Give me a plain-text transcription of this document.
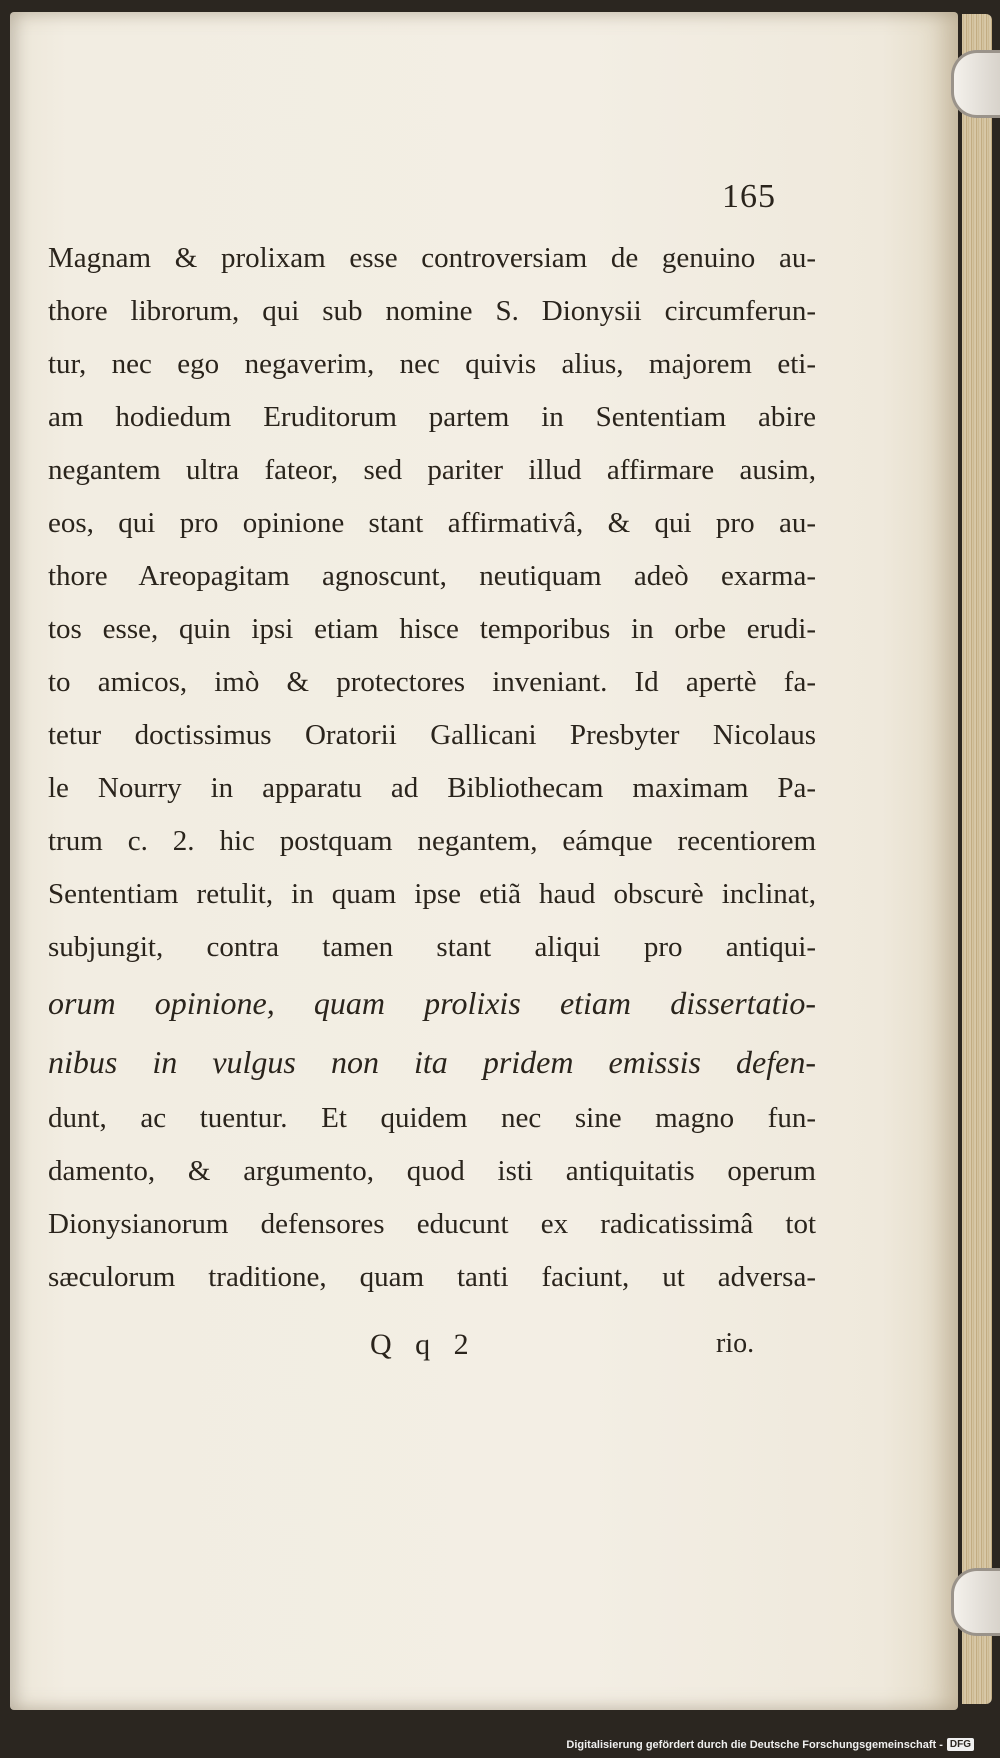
165
Magnam & prolixam esse controversiam de genuino au-
thore librorum, qui sub nomine S. Dionysii circumferun-
tur, nec ego negaverim, nec quivis alius, majorem eti-
am hodiedum Eruditorum partem in Sententiam abire
negantem ultra fateor, sed pariter illud affirmare ausim,
eos, qui pro opinione stant affirmativâ, & qui pro au-
thore Areopagitam agnoscunt, neutiquam adeò exarma-
tos esse, quin ipsi etiam hisce temporibus in orbe erudi-
to amicos, imò & protectores inveniant. Id apertè fa-
tetur doctissimus Oratorii Gallicani Presbyter Nicolaus
le Nourry in apparatu ad Bibliothecam maximam Pa-
trum c. 2. hic postquam negantem, eámque recentiorem
Sententiam retulit, in quam ipse etiã haud obscurè inclinat,
subjungit, contra tamen stant aliqui pro antiqui-
orum opinione, quam prolixis etiam dissertatio-
nibus in vulgus non ita pridem emissis defen-
dunt, ac tuentur. Et quidem nec sine magno fun-
damento, & argumento, quod isti antiquitatis operum
Dionysianorum defensores educunt ex radicatissimâ tot
sæculorum traditione, quam tanti faciunt, ut adversa-
Q q 2	rio.
Digitalisierung gefördert durch die Deutsche Forschungsgemeinschaft - DFG
